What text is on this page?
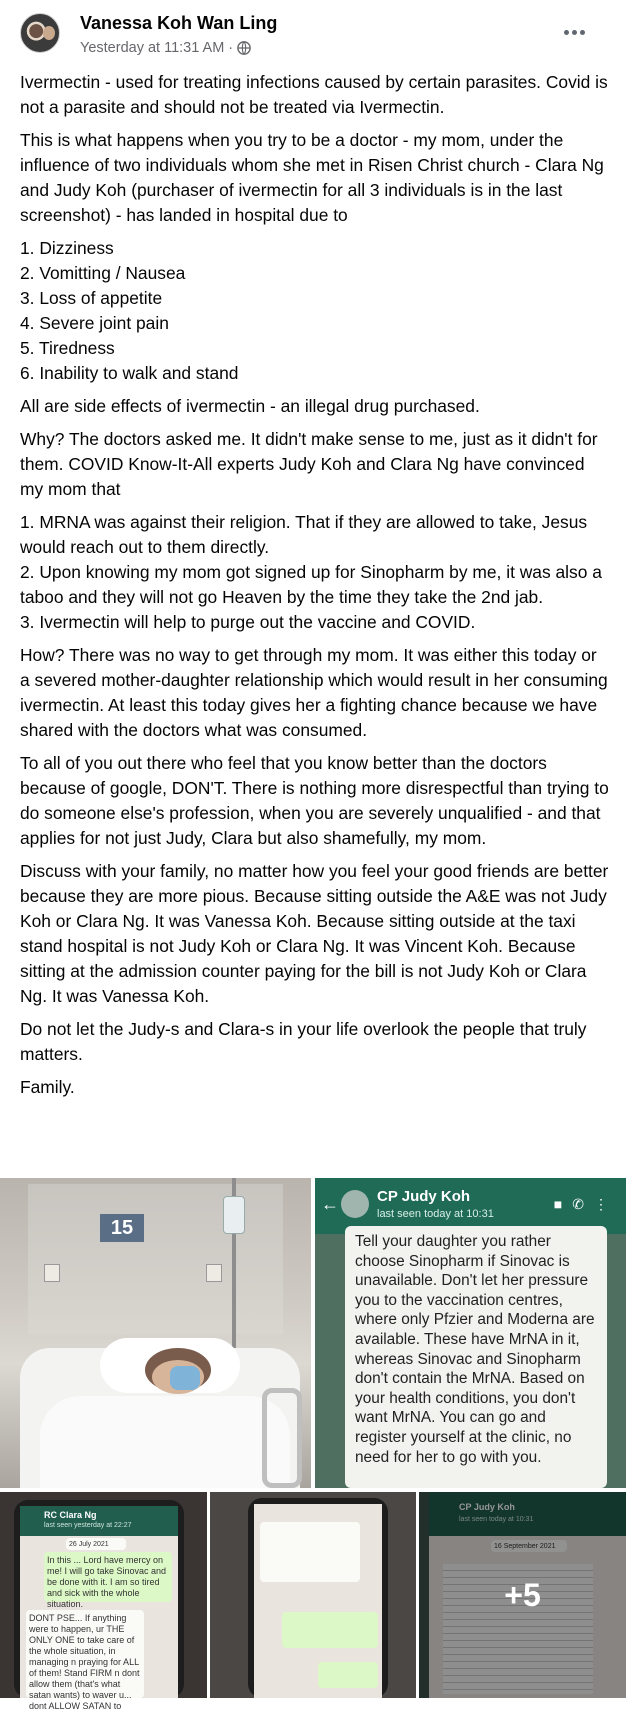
Vanessa Koh Wan Ling
Yesterday at 11:31 AM ·

Ivermectin - used for treating infections caused by certain parasites. Covid is not a parasite and should not be treated via Ivermectin.

This is what happens when you try to be a doctor - my mom, under the influence of two individuals whom she met in Risen Christ church - Clara Ng and Judy Koh (purchaser of ivermectin for all 3 individuals is in the last screenshot) - has landed in hospital due to

1. Dizziness
2. Vomitting / Nausea
3. Loss of appetite
4. Severe joint pain
5. Tiredness
6. Inability to walk and stand

All are side effects of ivermectin - an illegal drug purchased.

Why? The doctors asked me. It didn't make sense to me, just as it didn't for them. COVID Know-It-All experts Judy Koh and Clara Ng have convinced my mom that

1. MRNA was against their religion. That if they are allowed to take, Jesus would reach out to them directly.
2. Upon knowing my mom got signed up for Sinopharm by me, it was also a taboo and they will not go Heaven by the time they take the 2nd jab.
3. Ivermectin will help to purge out the vaccine and COVID.

How? There was no way to get through my mom. It was either this today or a severed mother-daughter relationship which would result in her consuming ivermectin. At least this today gives her a fighting chance because we have shared with the doctors what was consumed.

To all of you out there who feel that you know better than the doctors because of google, DON'T. There is nothing more disrespectful than trying to do someone else's profession, when you are severely unqualified - and that applies for not just Judy, Clara but also shamefully, my mom.

Discuss with your family, no matter how you feel your good friends are better because they are more pious. Because sitting outside the A&E was not Judy Koh or Clara Ng. It was Vanessa Koh. Because sitting outside at the taxi stand hospital is not Judy Koh or Clara Ng. It was Vincent Koh. Because sitting at the admission counter paying for the bill is not Judy Koh or Clara Ng. It was Vanessa Koh.

Do not let the Judy-s and Clara-s in your life overlook the people that truly matters.

Family.

15
←	CP Judy Koh
last seen today at 10:31
■✆⋮
Tell your daughter you rather choose Sinopharm if Sinovac is unavailable. Don't let her pressure you to the vaccination centres, where only Pfzier and Moderna are available. These have MrNA in it, whereas Sinovac and Sinopharm don't contain the MrNA. Based on your health conditions, you don't want MrNA. You can go and register yourself at the clinic, no need for her to go with you.
RC Clara Ng
last seen yesterday at 22:27
26 July 2021
In this ... Lord have mercy on me! I will go take Sinovac and be done with it. I am so tired and sick with the whole situation.
DONT PSE... If anything were to happen, ur THE ONLY ONE to take care of the whole situation, in managing n praying for ALL of them! Stand FIRM n dont allow them (that's what satan wants) to waver u... dont ALLOW SATAN to
CP Judy Koh
last seen today at 10:31
16 September 2021
+5
